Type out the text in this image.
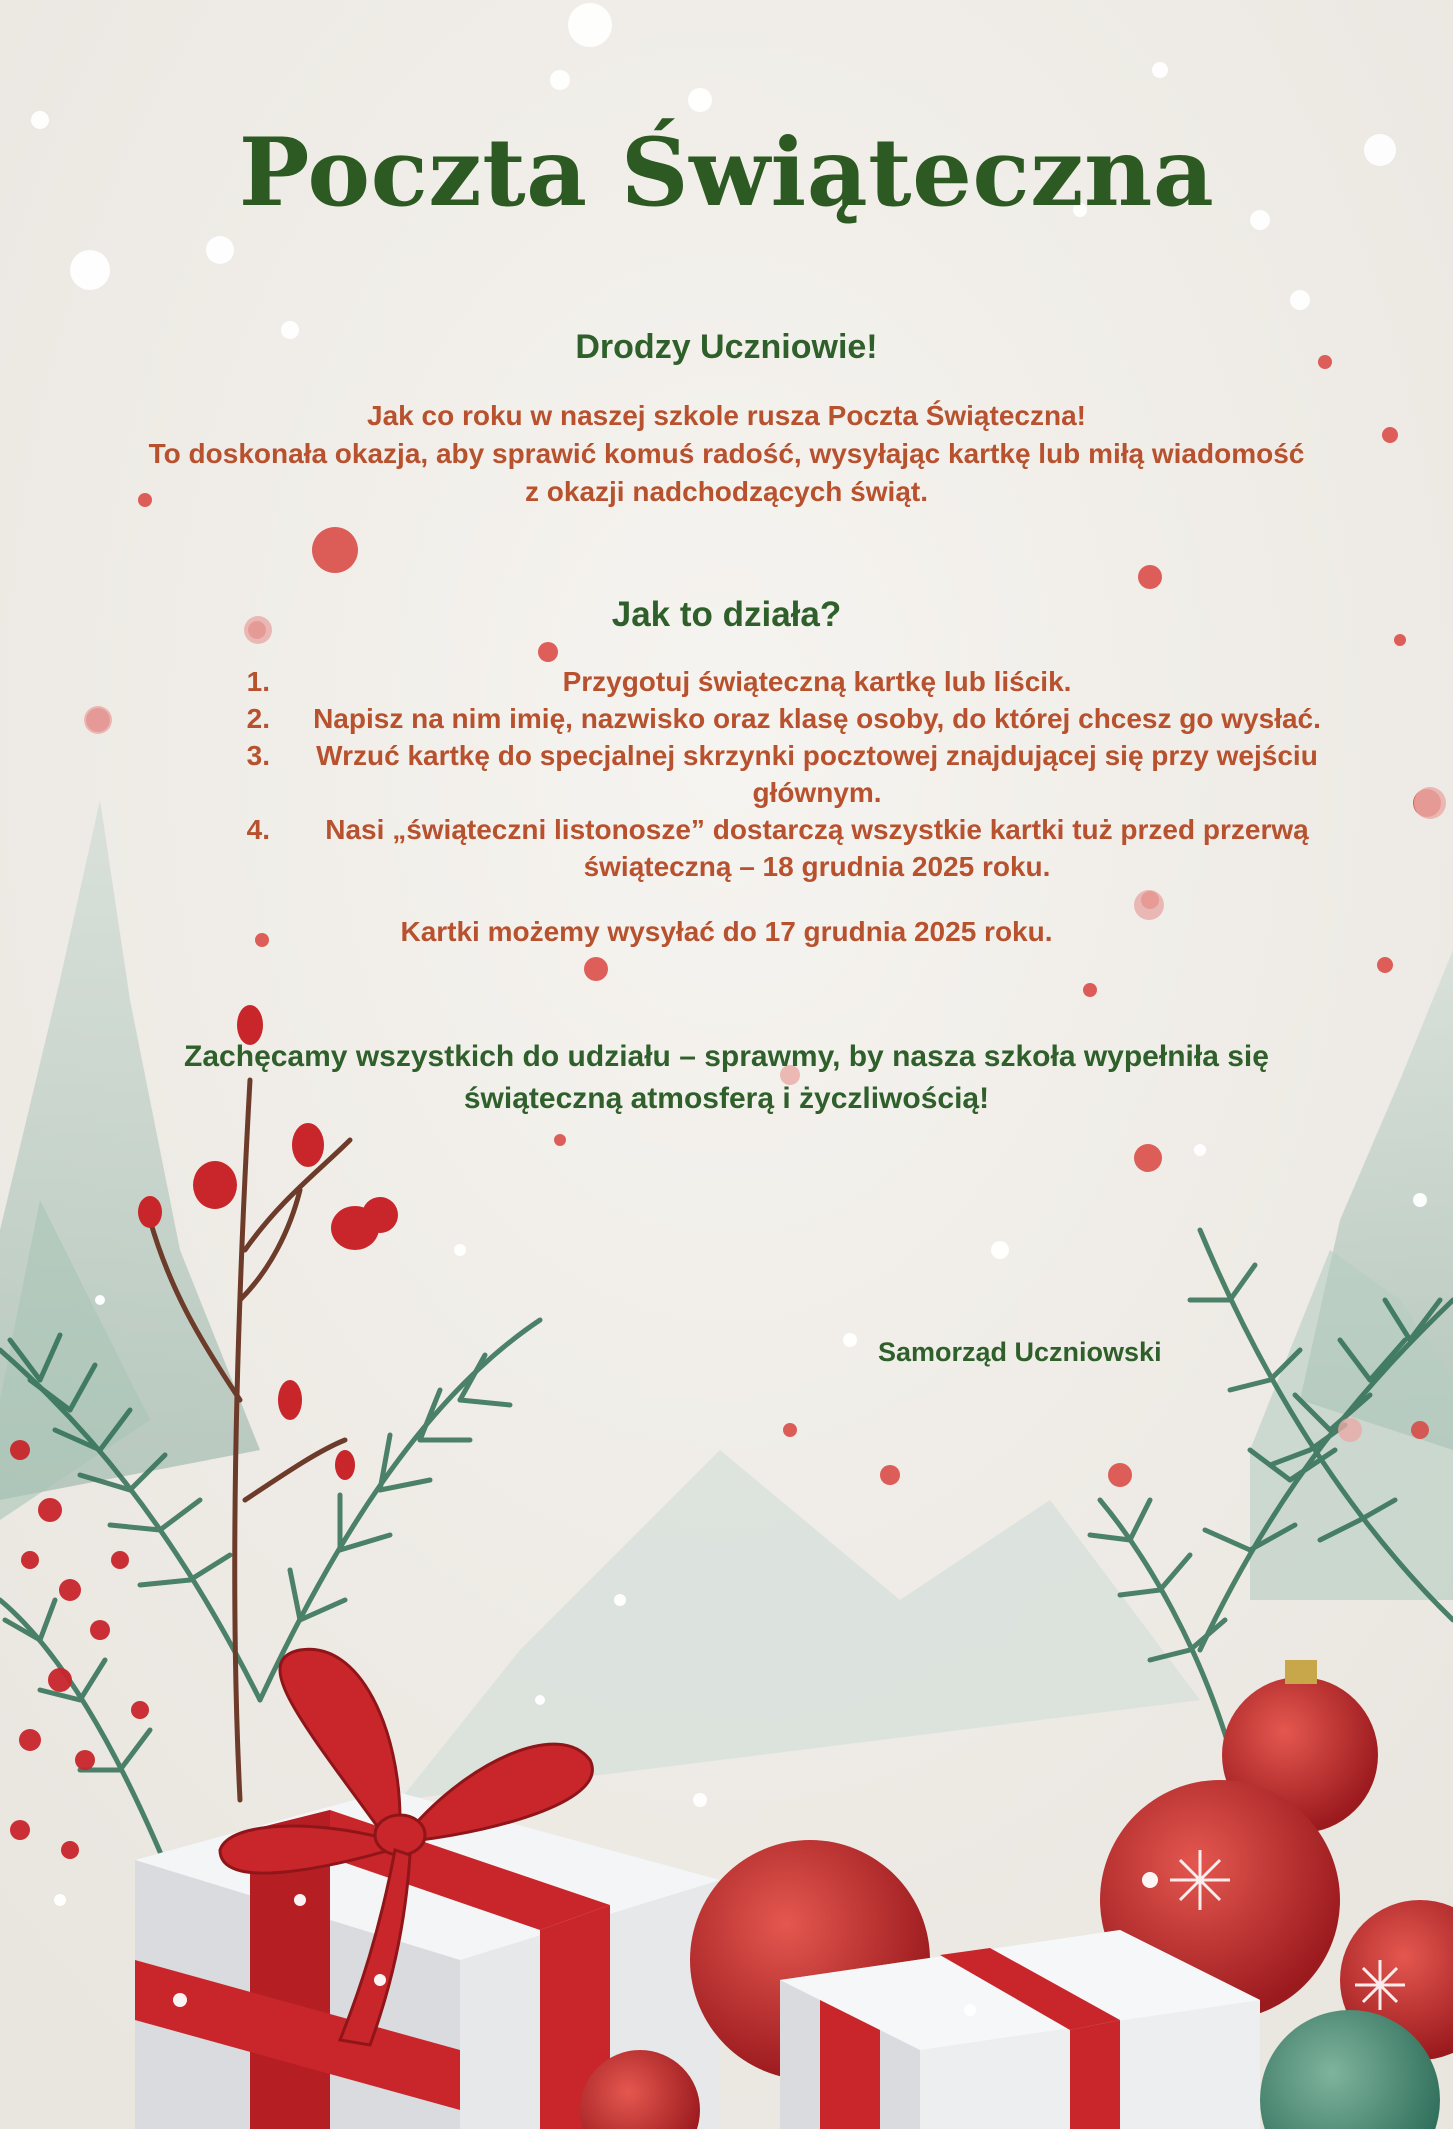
Poczta Świąteczna
Drodzy Uczniowie!
Jak co roku w naszej szkole rusza Poczta Świąteczna!
To doskonała okazja, aby sprawić komuś radość, wysyłając kartkę lub miłą wiadomość
z okazji nadchodzących świąt.
Jak to działa?
1.	Przygotuj świąteczną kartkę lub liścik.
2.	Napisz na nim imię, nazwisko oraz klasę osoby, do której chcesz go wysłać.
3.	Wrzuć kartkę do specjalnej skrzynki pocztowej znajdującej się przy wejściu głównym.
4.	Nasi „świąteczni listonosze” dostarczą wszystkie kartki tuż przed przerwą świąteczną – 18 grudnia 2025 roku.
Kartki możemy wysyłać do 17 grudnia 2025 roku.
Zachęcamy wszystkich do udziału – sprawmy, by nasza szkoła wypełniła się
świąteczną atmosferą i życzliwością!
Samorząd Uczniowski
